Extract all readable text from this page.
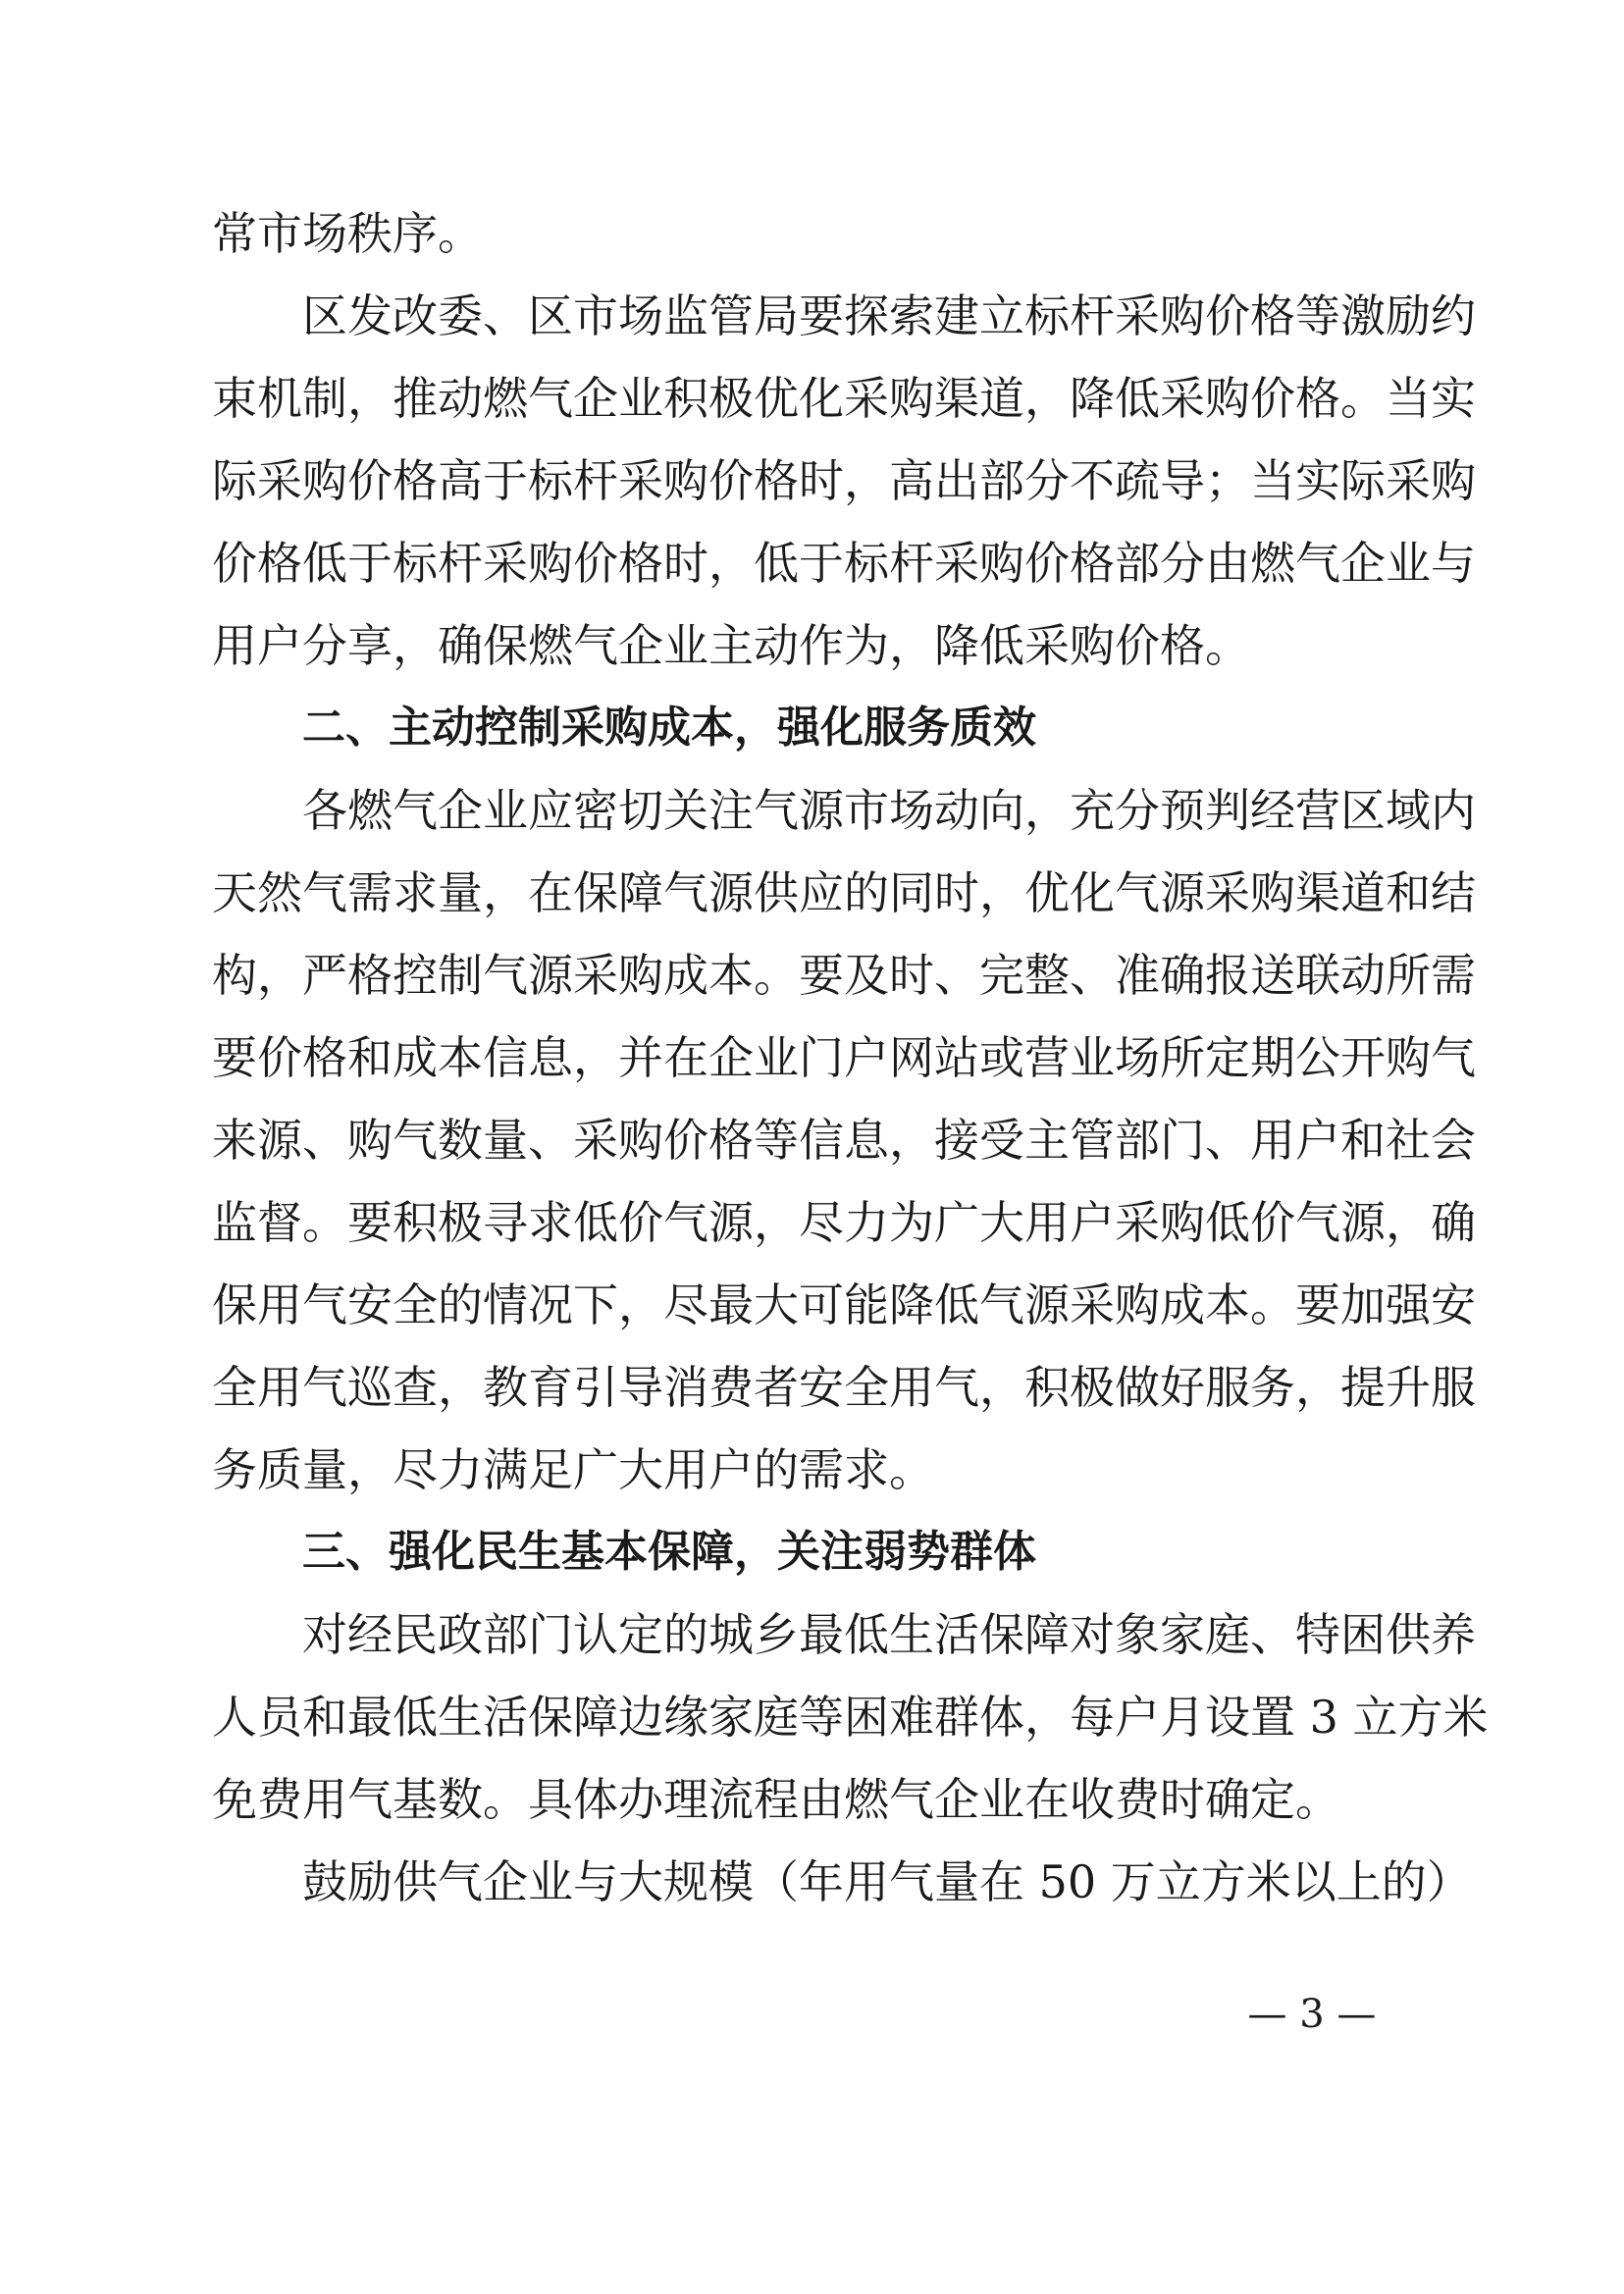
常市场秩序。
区发改委、区市场监管局要探索建立标杆采购价格等激励约
束机制，推动燃气企业积极优化采购渠道，降低采购价格。当实
际采购价格高于标杆采购价格时，高出部分不疏导；当实际采购
价格低于标杆采购价格时，低于标杆采购价格部分由燃气企业与
用户分享，确保燃气企业主动作为，降低采购价格。
二、主动控制采购成本，强化服务质效
各燃气企业应密切关注气源市场动向，充分预判经营区域内
天然气需求量，在保障气源供应的同时，优化气源采购渠道和结
构，严格控制气源采购成本。要及时、完整、准确报送联动所需
要价格和成本信息，并在企业门户网站或营业场所定期公开购气
来源、购气数量、采购价格等信息，接受主管部门、用户和社会
监督。要积极寻求低价气源，尽力为广大用户采购低价气源，确
保用气安全的情况下，尽最大可能降低气源采购成本。要加强安
全用气巡查，教育引导消费者安全用气，积极做好服务，提升服
务质量，尽力满足广大用户的需求。
三、强化民生基本保障，关注弱势群体
对经民政部门认定的城乡最低生活保障对象家庭、特困供养
人员和最低生活保障边缘家庭等困难群体，每户月设置 3 立方米
免费用气基数。具体办理流程由燃气企业在收费时确定。
鼓励供气企业与大规模（年用气量在 50 万立方米以上的）
— 3 —
